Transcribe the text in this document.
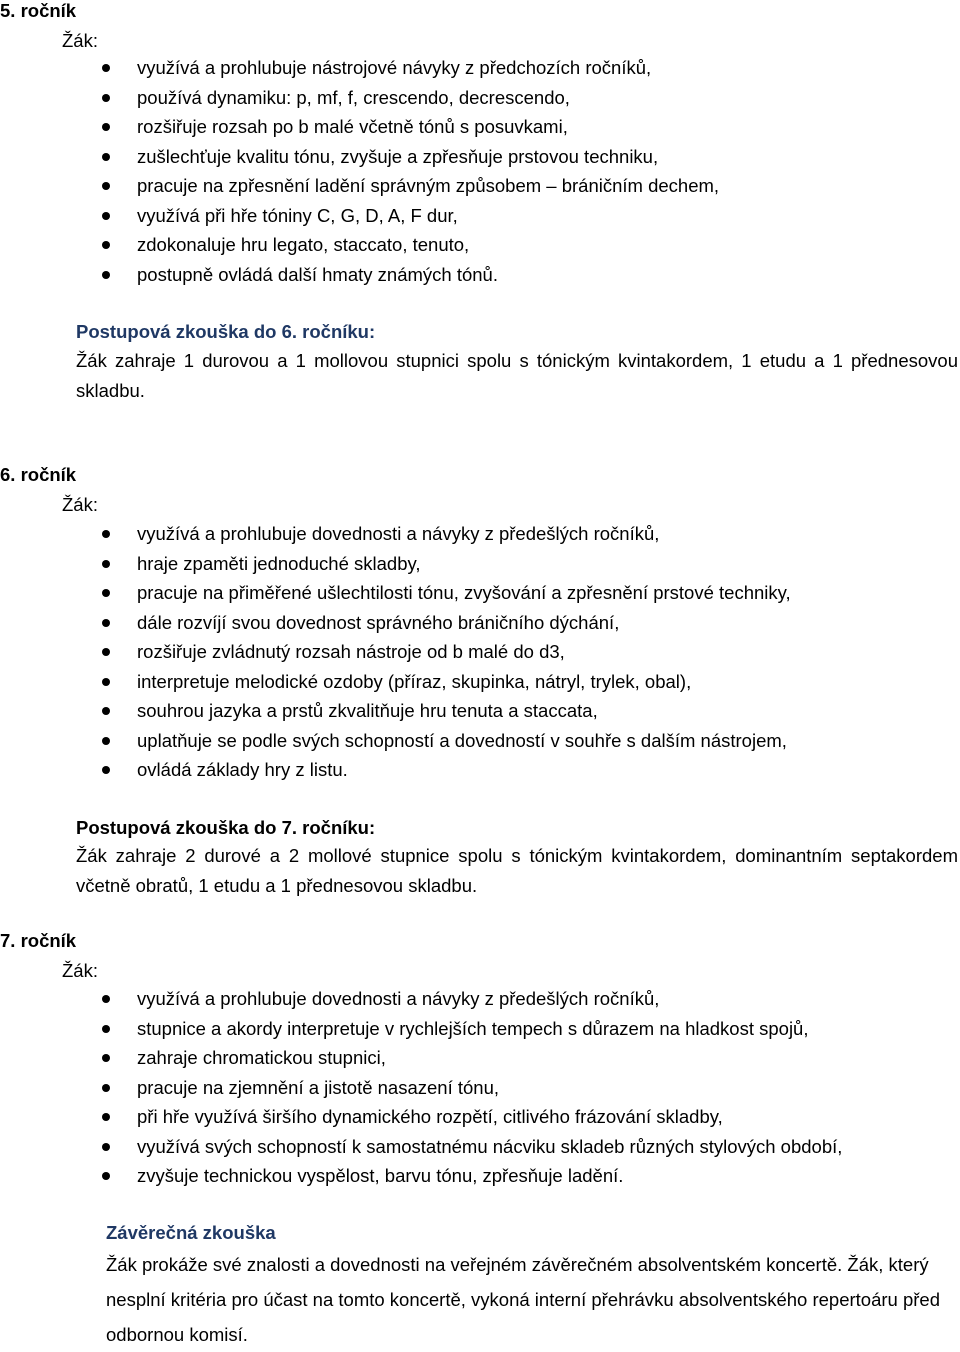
5. ročník
Žák:
využívá a prohlubuje nástrojové návyky z předchozích ročníků,
používá dynamiku: p, mf, f, crescendo, decrescendo,
rozšiřuje rozsah po b malé včetně tónů s posuvkami,
zušlechťuje kvalitu tónu, zvyšuje a zpřesňuje prstovou techniku,
pracuje na zpřesnění ladění správným způsobem – bráničním dechem,
využívá při hře tóniny C, G, D, A, F dur,
zdokonaluje hru legato, staccato, tenuto,
postupně ovládá další hmaty známých tónů.
Postupová zkouška do 6. ročníku:
Žák zahraje 1 durovou a 1 mollovou stupnici spolu s tónickým kvintakordem, 1 etudu a 1 přednesovou skladbu.
6. ročník
Žák:
využívá a prohlubuje dovednosti a návyky z předešlých ročníků,
hraje zpaměti jednoduché skladby,
pracuje na přiměřené ušlechtilosti tónu, zvyšování a zpřesnění prstové techniky,
dále rozvíjí svou dovednost správného bráničního dýchání,
rozšiřuje zvládnutý rozsah nástroje od b malé do d3,
interpretuje melodické ozdoby (příraz, skupinka, nátryl, trylek, obal),
souhrou jazyka a prstů zkvalitňuje hru tenuta a staccata,
uplatňuje se podle svých schopností a dovedností v souhře s dalším nástrojem,
ovládá základy hry z listu.
Postupová zkouška do 7. ročníku:
Žák zahraje 2 durové a 2 mollové stupnice spolu s tónickým kvintakordem, dominantním septakordem včetně obratů, 1 etudu a 1 přednesovou skladbu.
7. ročník
Žák:
využívá a prohlubuje dovednosti a návyky z předešlých ročníků,
stupnice a akordy interpretuje v rychlejších tempech s důrazem na hladkost spojů,
zahraje chromatickou stupnici,
pracuje na zjemnění a jistotě nasazení tónu,
při hře využívá širšího dynamického rozpětí, citlivého frázování skladby,
využívá svých schopností k samostatnému nácviku skladeb různých stylových období,
zvyšuje technickou vyspělost, barvu tónu, zpřesňuje ladění.
Závěrečná zkouška
Žák prokáže své znalosti a dovednosti na veřejném závěrečném absolventském koncertě. Žák, který nesplní kritéria pro účast na tomto koncertě, vykoná interní přehrávku absolventského repertoáru před odbornou komisí.
